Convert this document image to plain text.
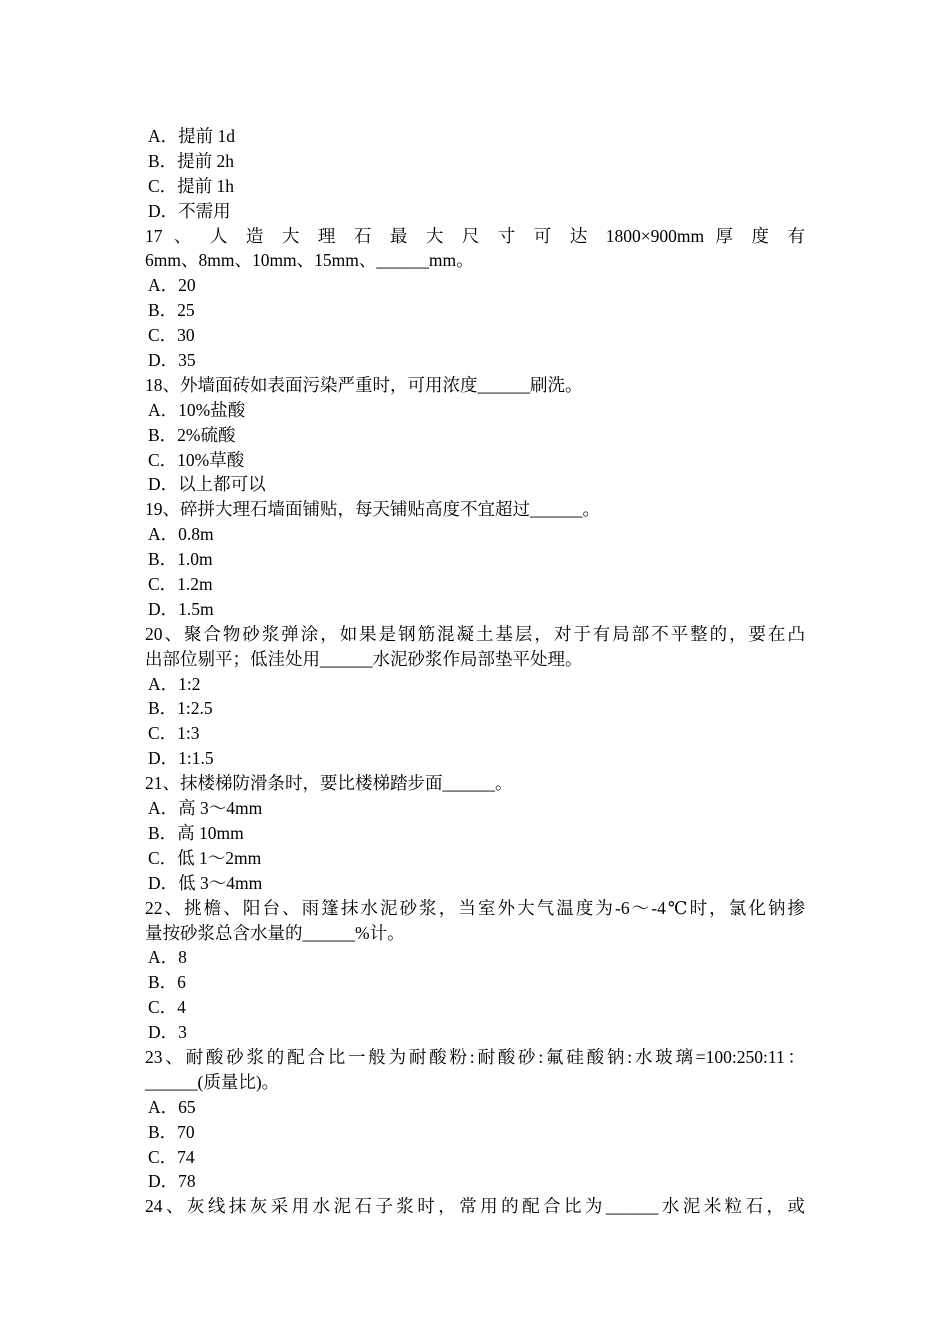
A．提前 1d
B．提前 2h
C．提前 1h
D．不需用
17 、 人 造 大 理 石 最 大 尺 寸 可 达 1800×900mm 厚 度 有
6mm、8mm、10mm、15mm、______mm。
A．20
B．25
C．30
D．35
18、外墙面砖如表面污染严重时，可用浓度______刷洗。
A．10%盐酸
B．2%硫酸
C．10%草酸
D．以上都可以
19、碎拼大理石墙面铺贴，每天铺贴高度不宜超过______。
A．0.8m
B．1.0m
C．1.2m
D．1.5m
20、聚合物砂浆弹涂，如果是钢筋混凝土基层，对于有局部不平整的，要在凸
出部位剔平；低洼处用______水泥砂浆作局部垫平处理。
A．1:2
B．1:2.5
C．1:3
D．1:1.5
21、抹楼梯防滑条时，要比楼梯踏步面______。
A．高 3～4mm
B．高 10mm
C．低 1～2mm
D．低 3～4mm
22、挑檐、阳台、雨篷抹水泥砂浆，当室外大气温度为-6～-4℃时，氯化钠掺
量按砂浆总含水量的______%计。
A．8
B．6
C．4
D．3
23、耐酸砂浆的配合比一般为耐酸粉:耐酸砂:氟硅酸钠:水玻璃=100:250:11：
______(质量比)。
A．65
B．70
C．74
D．78
24、灰线抹灰采用水泥石子浆时，常用的配合比为______水泥米粒石，或
